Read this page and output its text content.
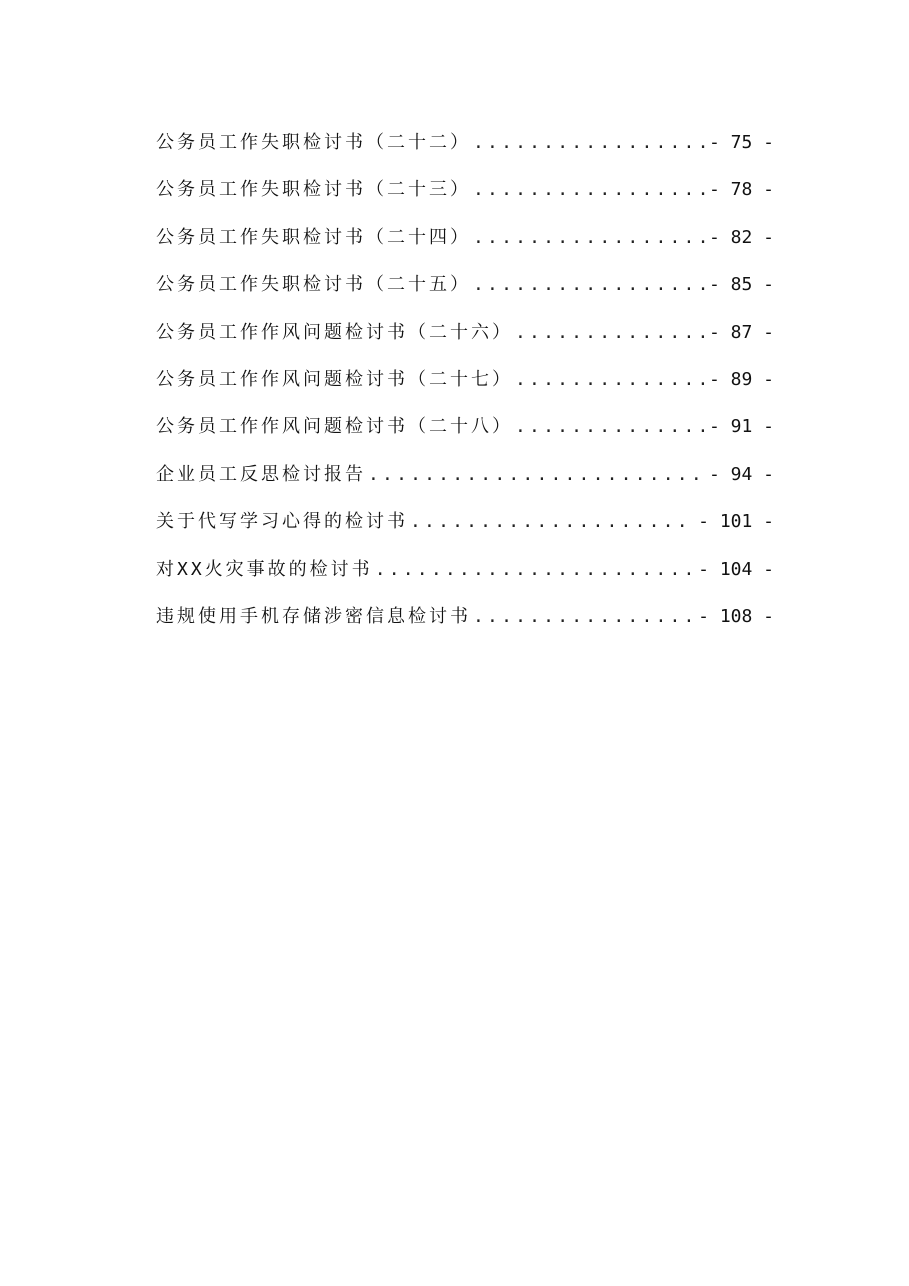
公务员工作失职检讨书（二十二） .....	- 75 -
公务员工作失职检讨书（二十三） .....	- 78 -
公务员工作失职检讨书（二十四） .....	- 82 -
公务员工作失职检讨书（二十五） .....	- 85 -
公务员工作作风问题检讨书（二十六） .....	- 87 -
公务员工作作风问题检讨书（二十七） .....	- 89 -
公务员工作作风问题检讨书（二十八） .....	- 91 -
企业员工反思检讨报告 .....	- 94 -
关于代写学习心得的检讨书 .....	- 101 -
对XX火灾事故的检讨书 .....	- 104 -
违规使用手机存储涉密信息检讨书 .....	- 108 -
